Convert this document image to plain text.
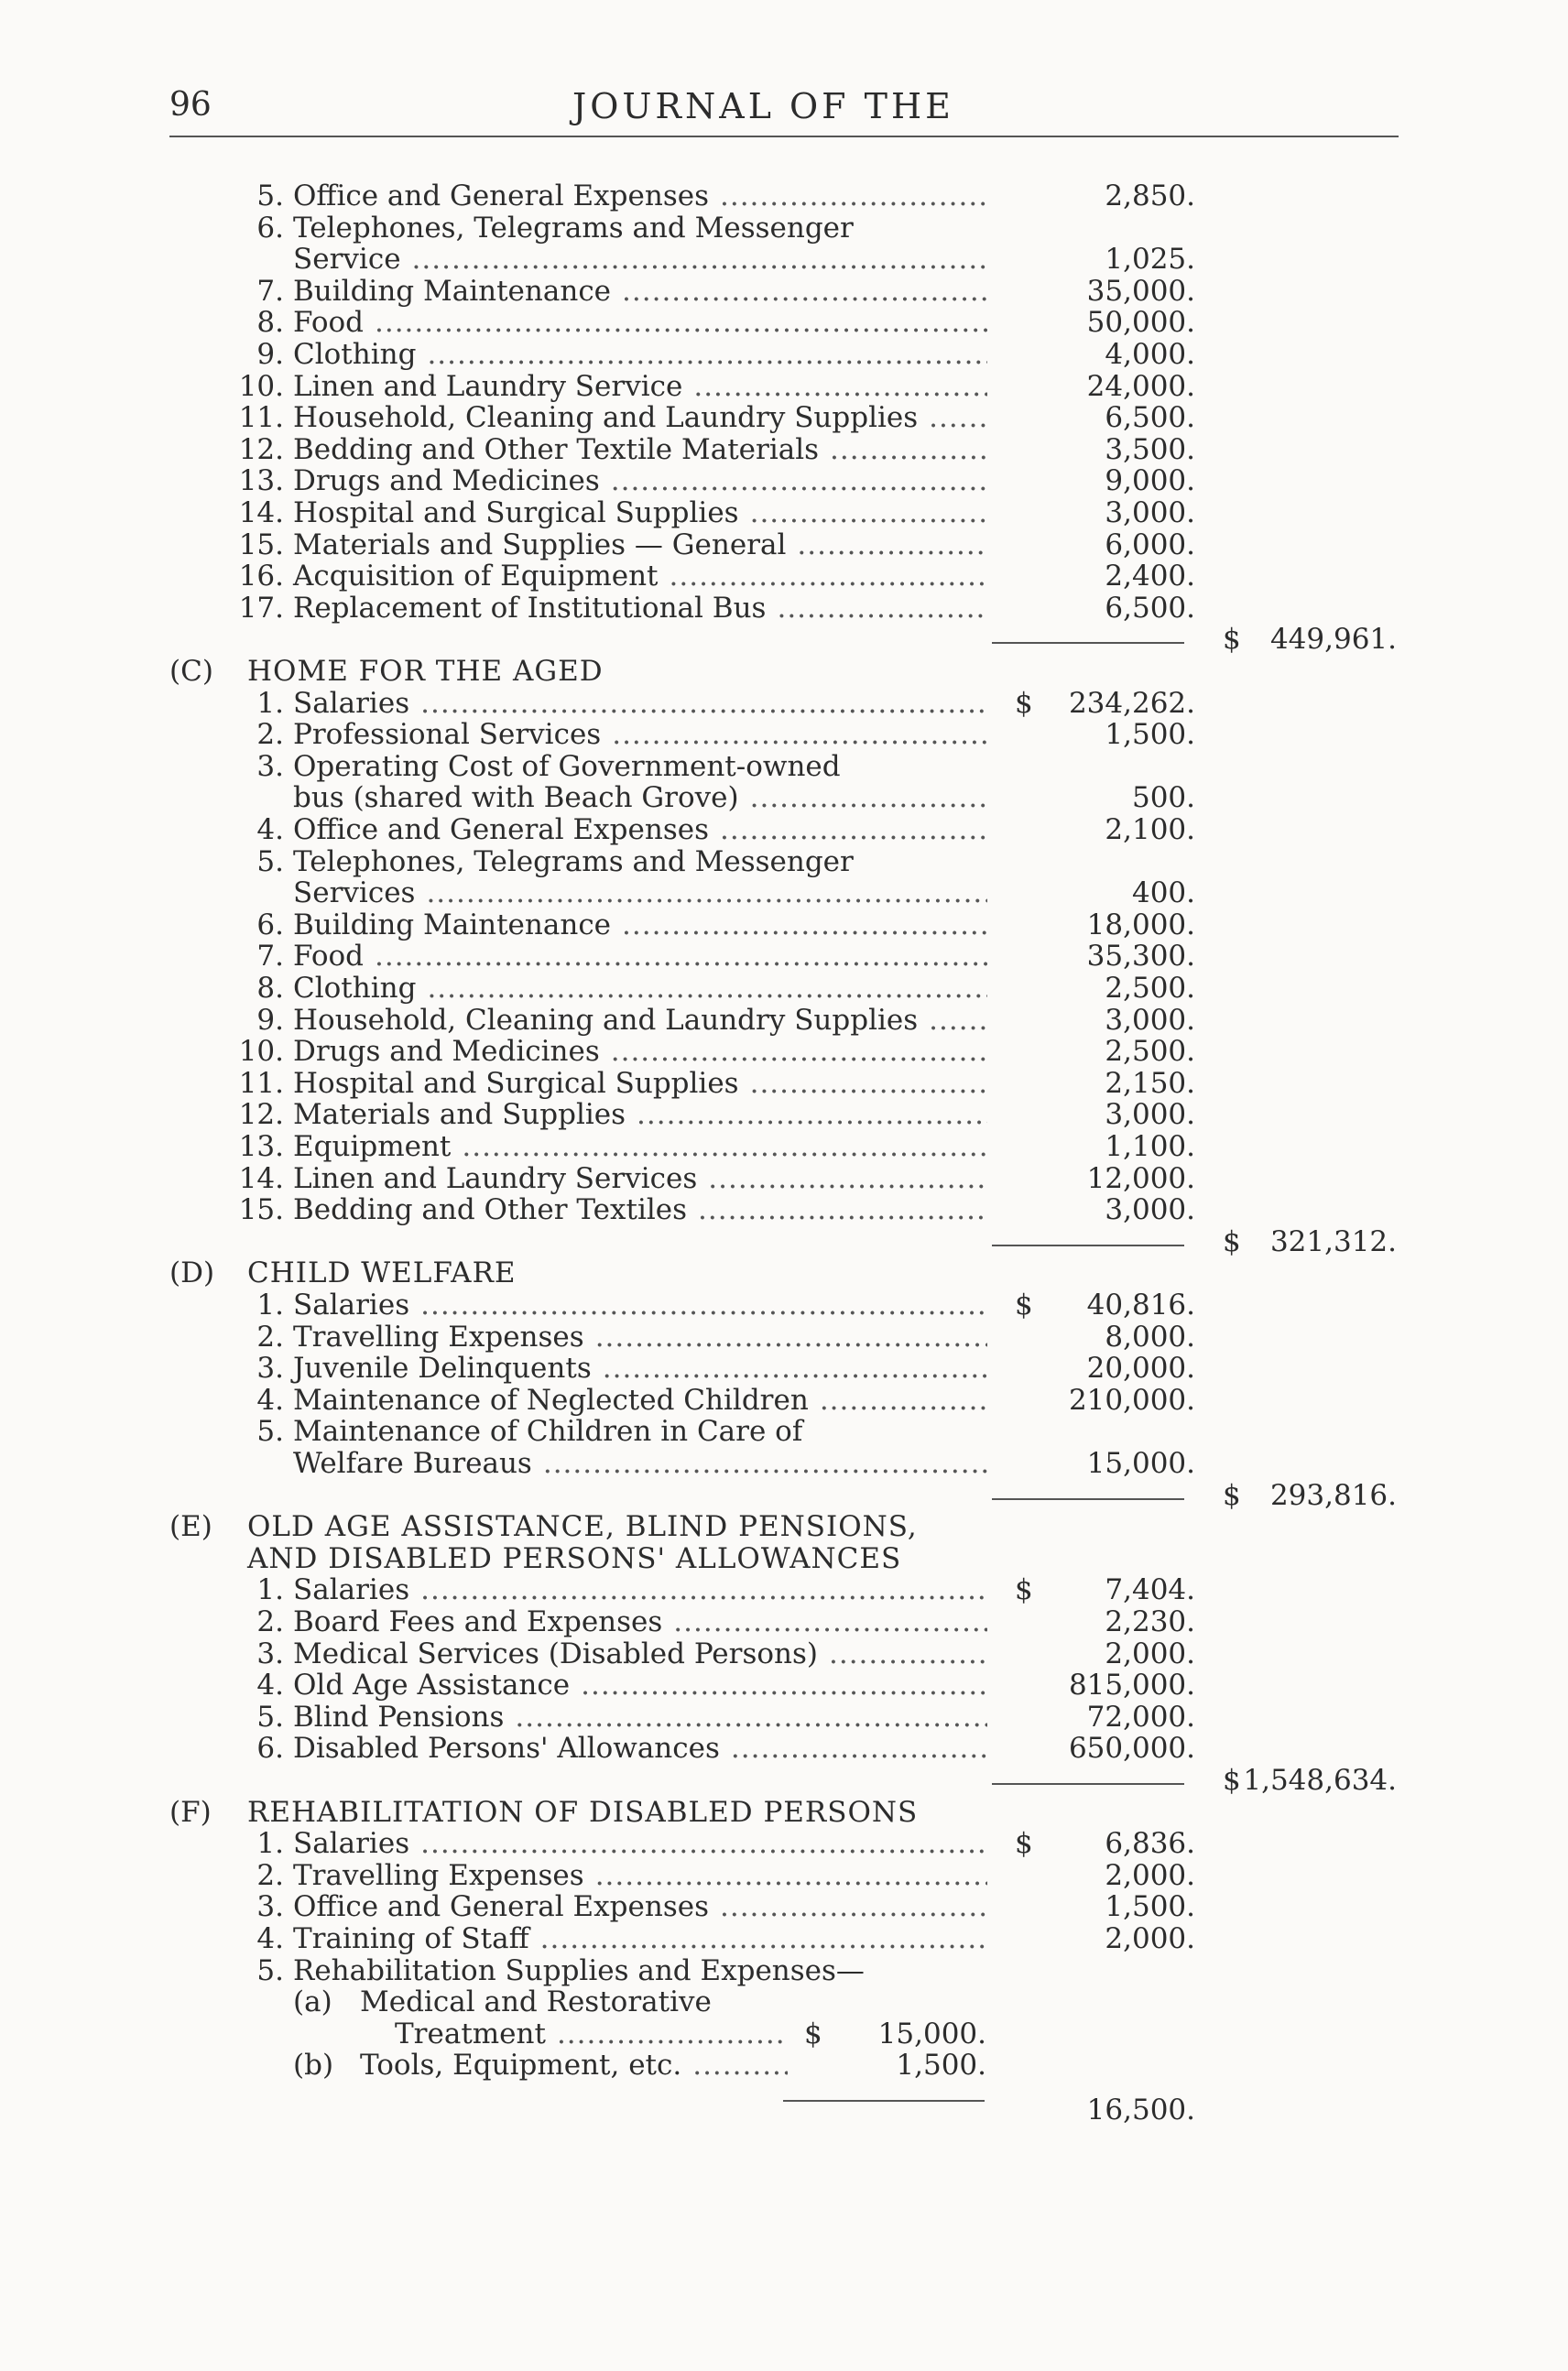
96	JOURNAL OF THE
5. Office and General Expenses .....	2,850.
6. Telephones, Telegrams and Messenger
Service .....	1,025.
7. Building Maintenance .....	35,000.
8. Food .....	50,000.
9. Clothing .....	4,000.
10. Linen and Laundry Service .....	24,000.
11. Household, Cleaning and Laundry Supplies .....	6,500.
12. Bedding and Other Textile Materials .....	3,500.
13. Drugs and Medicines .....	9,000.
14. Hospital and Surgical Supplies .....	3,000.
15. Materials and Supplies — General .....	6,000.
16. Acquisition of Equipment .....	2,400.
17. Replacement of Institutional Bus .....	6,500.
$ 449,961.
(C) HOME FOR THE AGED
1. Salaries .....	$ 234,262.
2. Professional Services .....	1,500.
3. Operating Cost of Government-owned
bus (shared with Beach Grove) .....	500.
4. Office and General Expenses .....	2,100.
5. Telephones, Telegrams and Messenger
Services .....	400.
6. Building Maintenance .....	18,000.
7. Food .....	35,300.
8. Clothing .....	2,500.
9. Household, Cleaning and Laundry Supplies .....	3,000.
10. Drugs and Medicines .....	2,500.
11. Hospital and Surgical Supplies .....	2,150.
12. Materials and Supplies .....	3,000.
13. Equipment .....	1,100.
14. Linen and Laundry Services .....	12,000.
15. Bedding and Other Textiles .....	3,000.
$ 321,312.
(D) CHILD WELFARE
1. Salaries .....	$ 40,816.
2. Travelling Expenses .....	8,000.
3. Juvenile Delinquents .....	20,000.
4. Maintenance of Neglected Children .....	210,000.
5. Maintenance of Children in Care of
Welfare Bureaus .....	15,000.
$ 293,816.
(E) OLD AGE ASSISTANCE, BLIND PENSIONS,
AND DISABLED PERSONS' ALLOWANCES
1. Salaries .....	$	7,404.
2. Board Fees and Expenses .....	2,230.
3. Medical Services (Disabled Persons) .....	2,000.
4. Old Age Assistance .....	815,000.
5. Blind Pensions .....	72,000.
6. Disabled Persons' Allowances .....	650,000.
$ 1,548,634.
(F) REHABILITATION OF DISABLED PERSONS
1. Salaries .....	$	6,836.
2. Travelling Expenses .....	2,000.
3. Office and General Expenses .....	1,500.
4. Training of Staff .....	2,000.
5. Rehabilitation Supplies and Expenses—
(a) Medical and Restorative
Treatment .....	$ 15,000.
(b) Tools, Equipment, etc. .....	1,500.
16,500.
